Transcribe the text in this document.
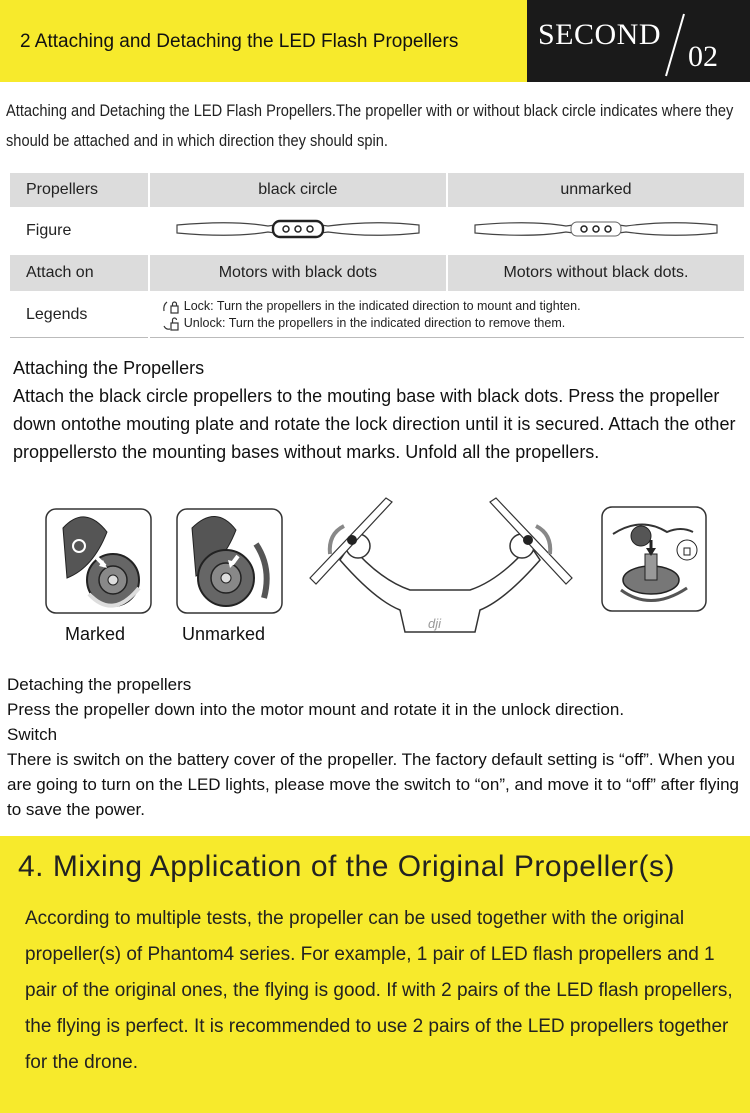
2 Attaching and Detaching the LED Flash Propellers	SECOND
02
Attaching and Detaching the LED Flash Propellers.The propeller with or without black circle indicates where they should be attached and in which direction they should spin.
Propellers	black circle	unmarked
Figure		
Attach on	Motors with black dots	Motors without black dots.
Legends	Lock: Turn the propellers in the indicated direction to mount and tighten.
Unlock: Turn the propellers in the indicated direction to remove them.	
Attaching the Propellers
Attach the black circle propellers to the mouting base with black dots. Press the propeller down ontothe mouting plate and rotate the lock direction until it is secured. Attach the other proppellersto the mounting bases without marks. Unfold all the propellers.
Marked	Unmarked
dji
Detaching the propellers
Press the propeller down into the motor mount and rotate it in the unlock direction.
Switch
There is switch on the battery cover of the propeller. The factory default setting is “off”. When you are going to turn on the LED lights, please move the switch to “on”, and move it to “off” after flying to save the power.
4. Mixing Application of the Original Propeller(s)
According to multiple tests, the propeller can be used together with the original propeller(s) of Phantom4 series. For example, 1 pair of LED flash propellers and 1 pair of the original ones, the flying is good. If with 2 pairs of the LED flash propellers, the flying is perfect. It is recommended to use 2 pairs of the LED propellers together for the drone.
